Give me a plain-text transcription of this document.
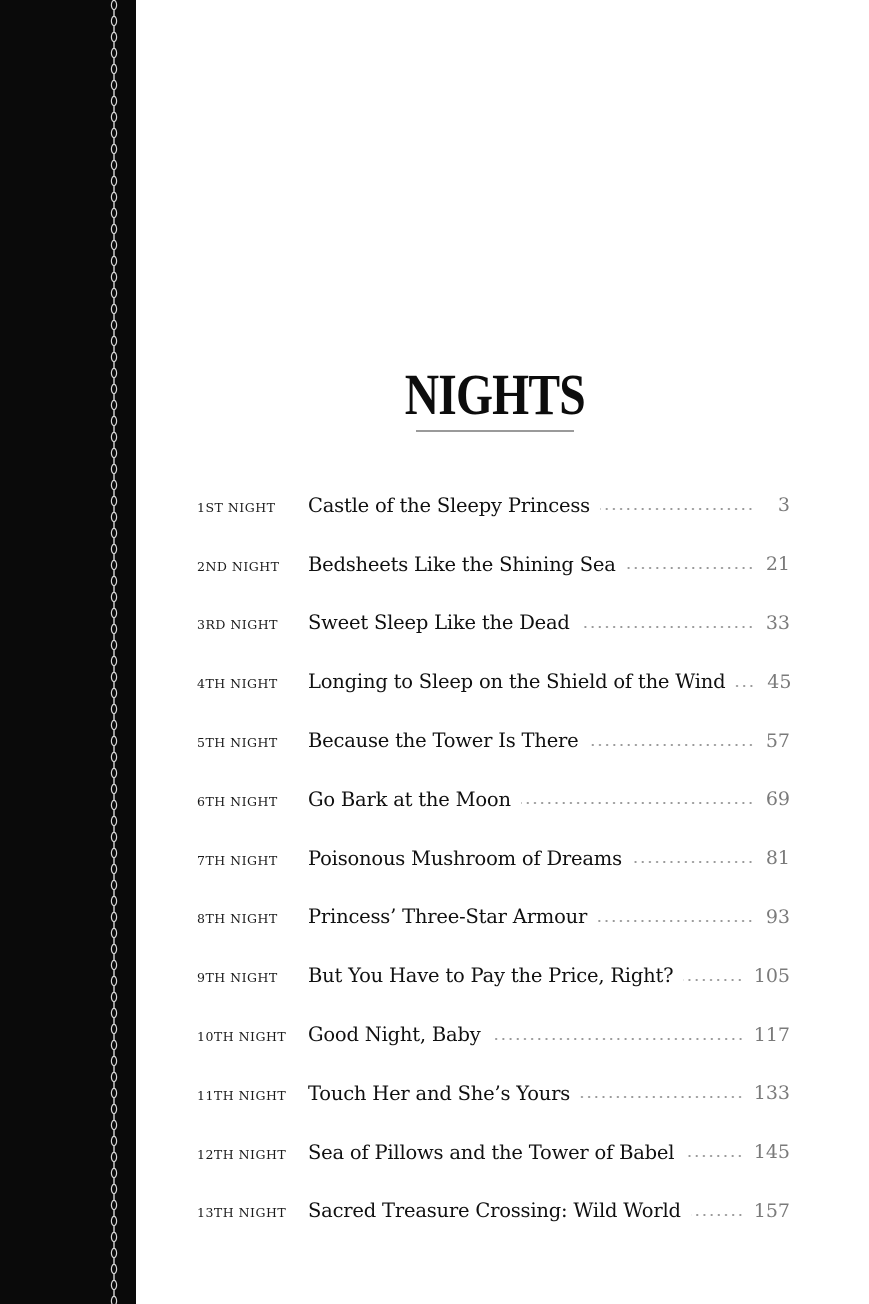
NIGHTS
1ST NIGHT	Castle of the Sleepy Princess	3
2ND NIGHT	Bedsheets Like the Shining Sea	21
3RD NIGHT	Sweet Sleep Like the Dead	33
4TH NIGHT	Longing to Sleep on the Shield of the Wind 45
5TH NIGHT	Because the Tower Is There	57
6TH NIGHT	Go Bark at the Moon	69
7TH NIGHT	Poisonous Mushroom of Dreams	81
8TH NIGHT	Princess’ Three-Star Armour	93
9TH NIGHT	But You Have to Pay the Price, Right?	105
10TH NIGHT	Good Night, Baby	117
11TH NIGHT	Touch Her and She’s Yours	133
12TH NIGHT	Sea of Pillows and the Tower of Babel	145
13TH NIGHT	Sacred Treasure Crossing: Wild World	157
